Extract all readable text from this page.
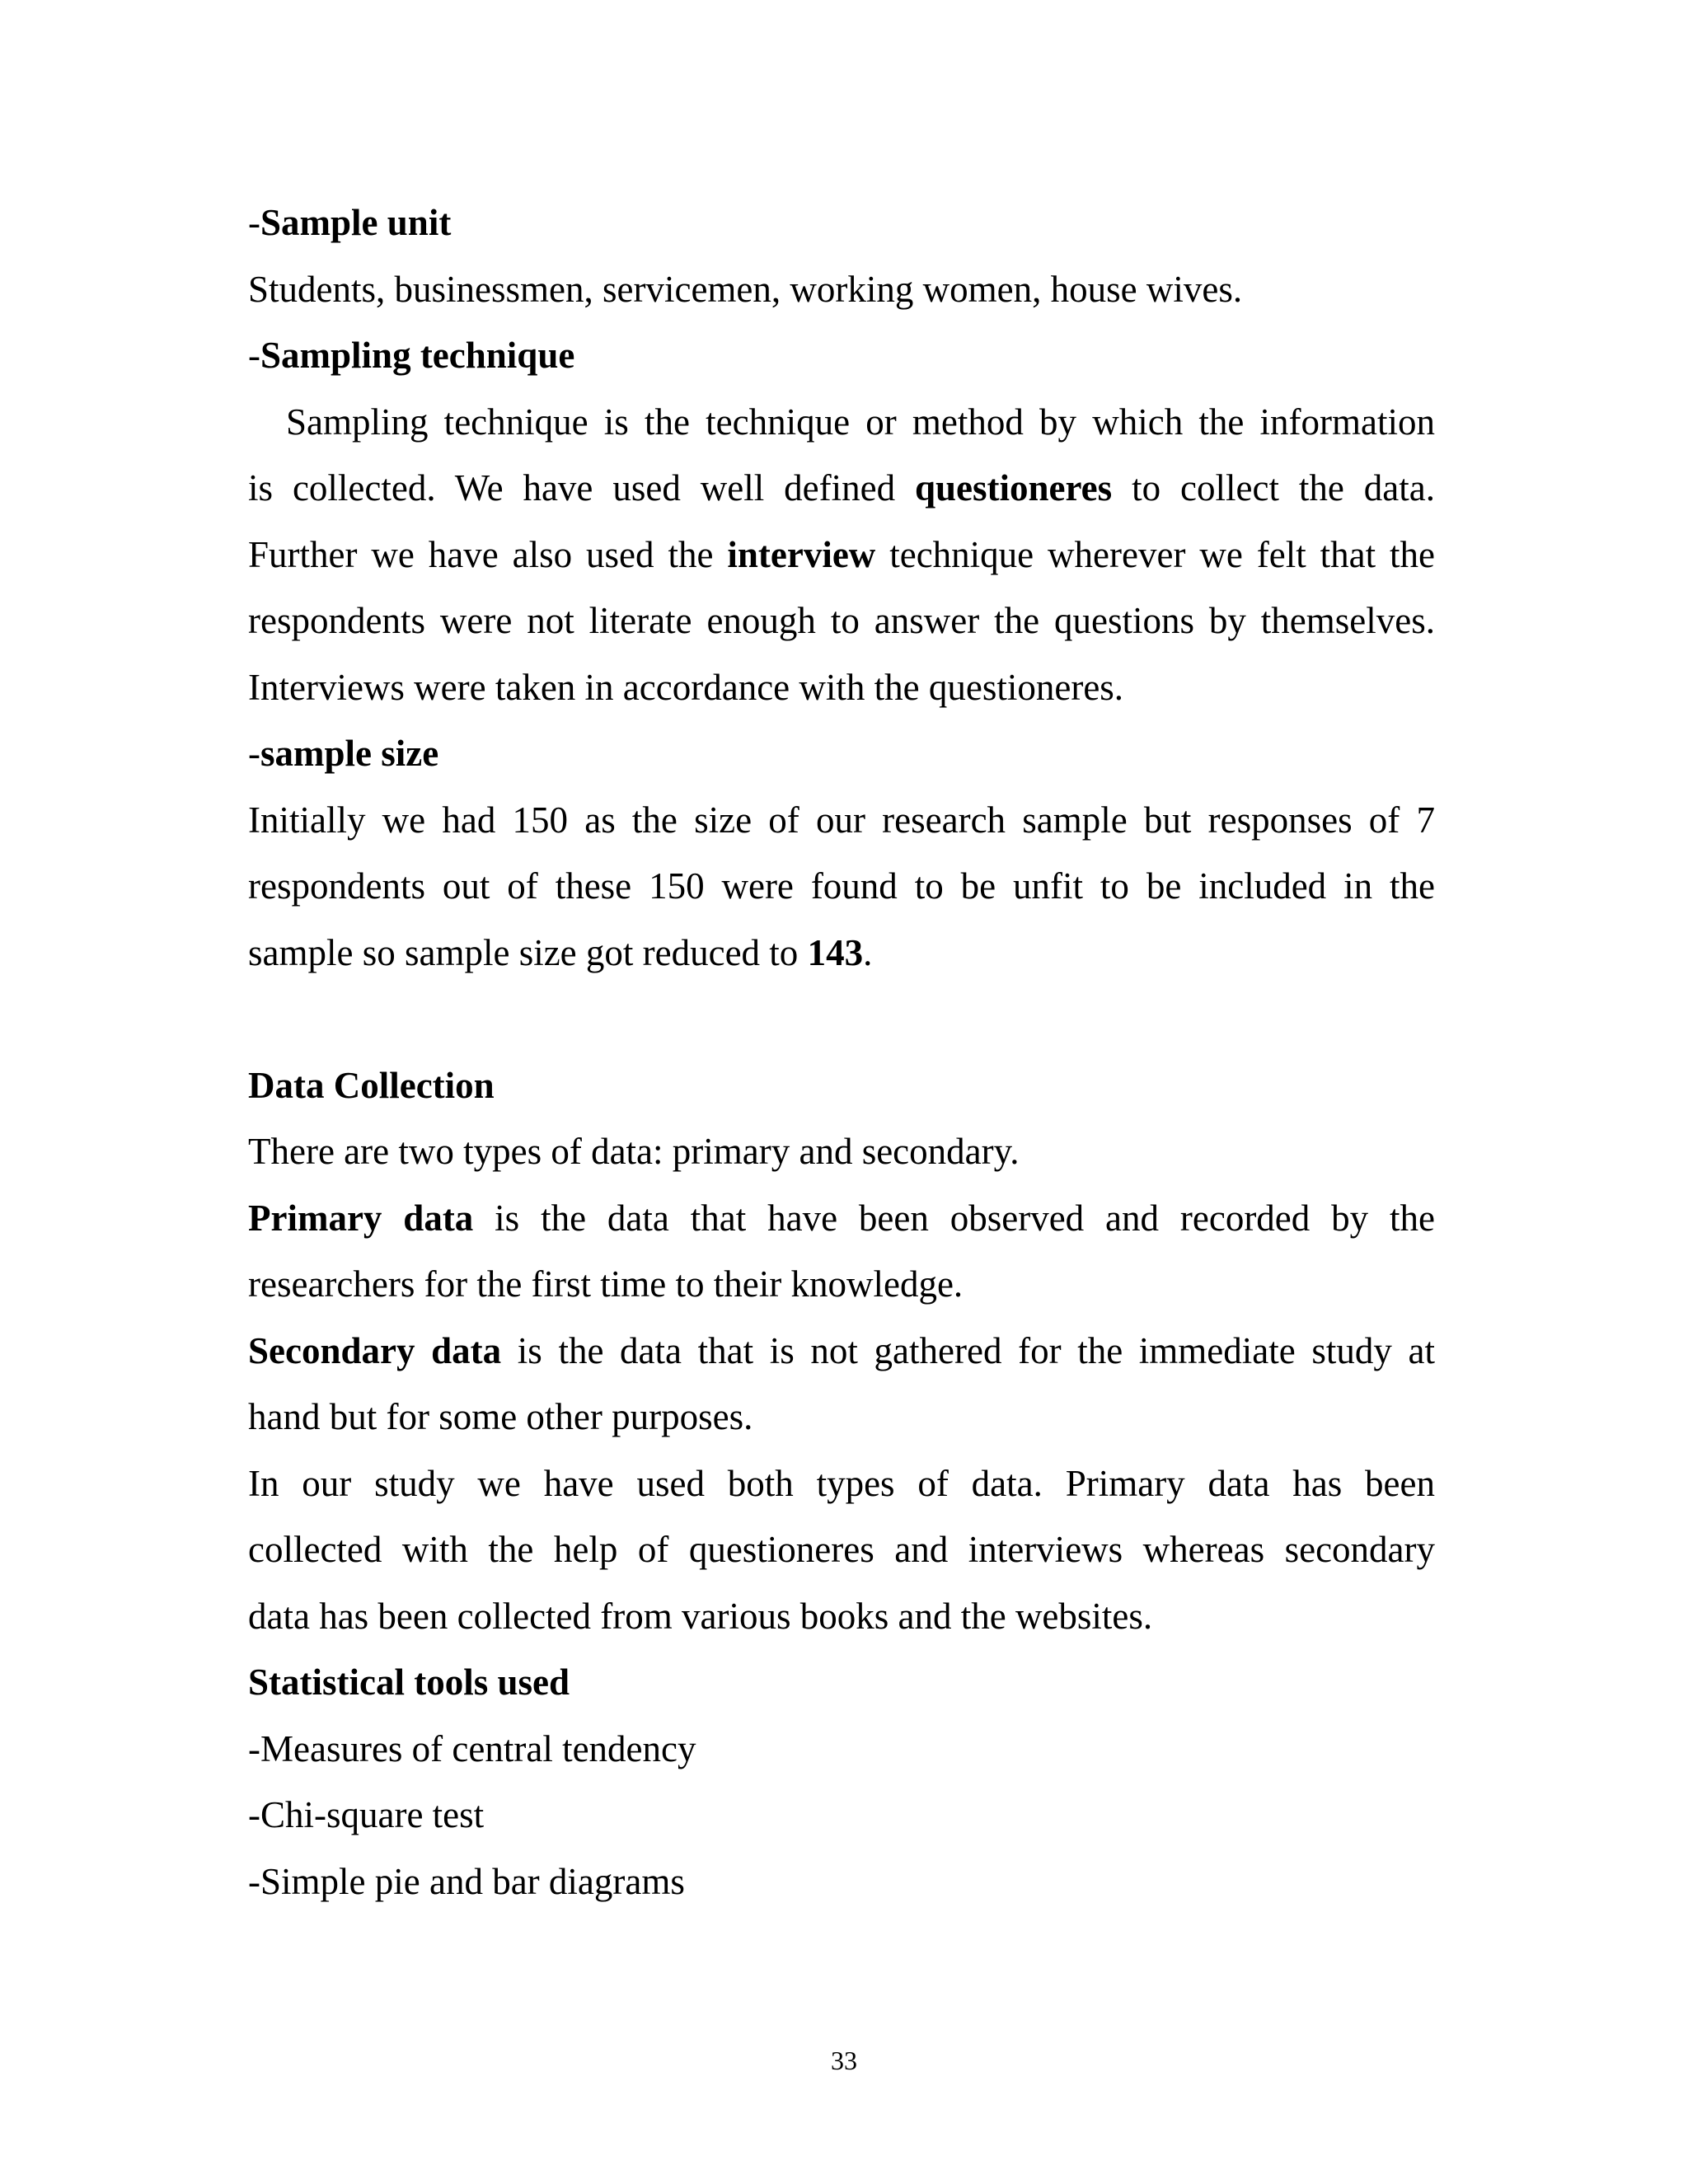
-Sample unit
Students, businessmen, servicemen, working women, house wives.
-Sampling technique
Sampling technique is the technique or method by which the information
is collected. We have used well defined questioneres to collect the data.
Further we have also used the interview technique wherever we felt that the
respondents were not literate enough to answer the questions by themselves.
Interviews were taken in accordance with the questioneres.
-sample size
Initially we had 150 as the size of our research sample but responses of 7
respondents out of these 150 were found to be unfit to be included in the
sample so sample size got reduced to 143.
Data Collection
There are two types of data: primary and secondary.
Primary data is the data that have been observed and recorded by the
researchers for the first time to their knowledge.
Secondary data is the data that is not gathered for the immediate study at
hand but for some other purposes.
In our study we have used both types of data. Primary data has been
collected with the help of questioneres and interviews whereas secondary
data has been collected from various books and the websites.
Statistical tools used
-Measures of central tendency
-Chi-square test
-Simple pie and bar diagrams
33
